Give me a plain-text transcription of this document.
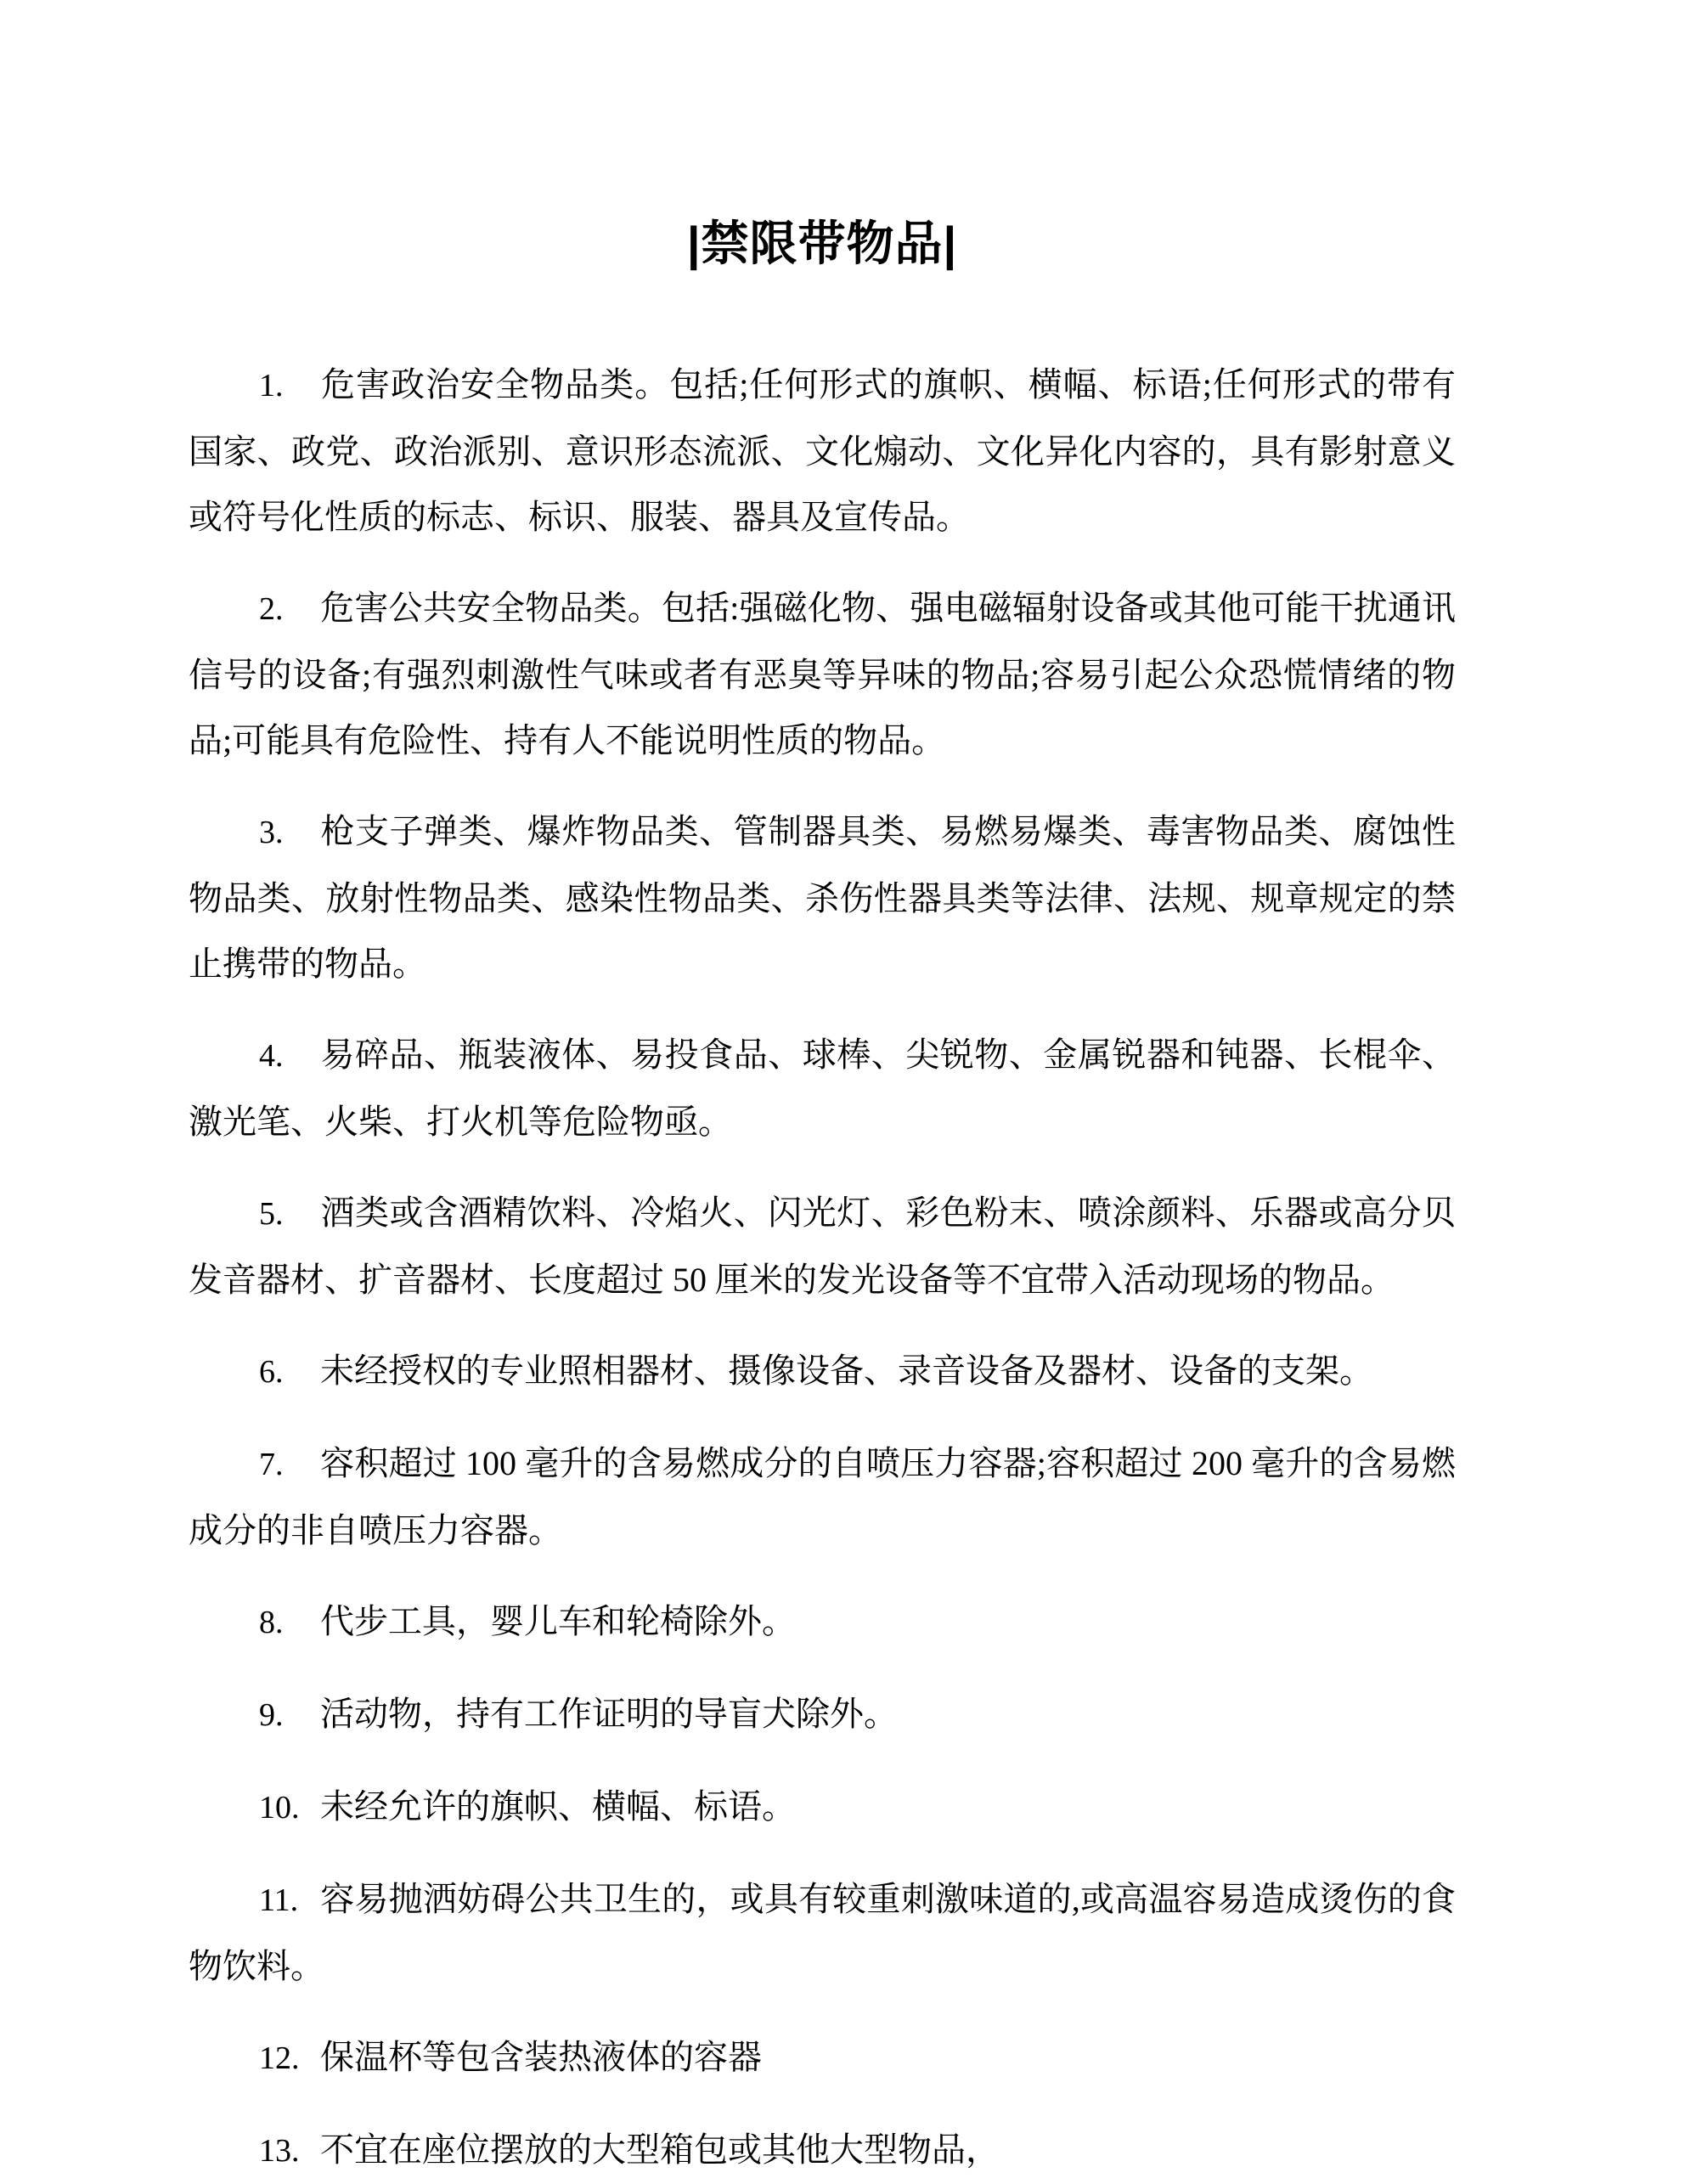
|禁限带物品|

1. 危害政治安全物品类。包括;任何形式的旗帜、横幅、标语;任何形式的带有国家、政党、政治派别、意识形态流派、文化煽动、文化异化内容的，具有影射意义或符号化性质的标志、标识、服装、器具及宣传品。

2. 危害公共安全物品类。包括:强磁化物、强电磁辐射设备或其他可能干扰通讯信号的设备;有强烈刺激性气味或者有恶臭等异味的物品;容易引起公众恐慌情绪的物品;可能具有危险性、持有人不能说明性质的物品。

3. 枪支子弹类、爆炸物品类、管制器具类、易燃易爆类、毒害物品类、腐蚀性物品类、放射性物品类、感染性物品类、杀伤性器具类等法律、法规、规章规定的禁止携带的物品。

4. 易碎品、瓶装液体、易投食品、球棒、尖锐物、金属锐器和钝器、长棍伞、激光笔、火柴、打火机等危险物亟。

5. 酒类或含酒精饮料、冷焰火、闪光灯、彩色粉末、喷涂颜料、乐器或高分贝发音器材、扩音器材、长度超过 50 厘米的发光设备等不宜带入活动现场的物品。

6. 未经授权的专业照相器材、摄像设备、录音设备及器材、设备的支架。

7. 容积超过 100 毫升的含易燃成分的自喷压力容器;容积超过 200 毫升的含易燃成分的非自喷压力容器。

8. 代步工具，婴儿车和轮椅除外。

9. 活动物，持有工作证明的导盲犬除外。

10. 未经允许的旗帜、横幅、标语。

11. 容易抛洒妨碍公共卫生的，或具有较重刺激味道的,或高温容易造成烫伤的食物饮料。

12. 保温杯等包含装热液体的容器

13. 不宜在座位摆放的大型箱包或其他大型物品，
